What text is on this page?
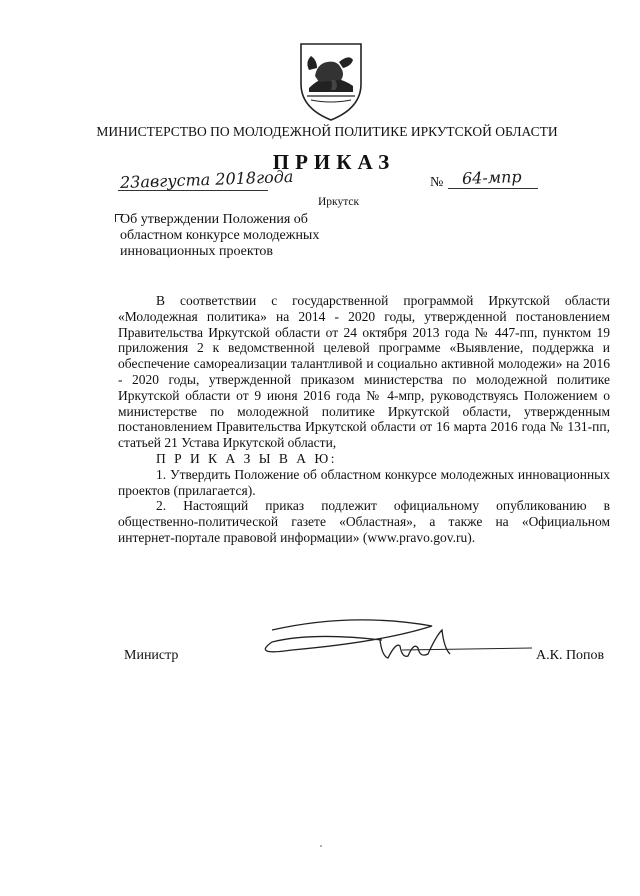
МИНИСТЕРСТВО ПО МОЛОДЕЖНОЙ ПОЛИТИКЕ ИРКУТСКОЙ ОБЛАСТИ
ПРИКАЗ
23августа 2018года	№ 64-мпр
Иркутск
Об утверждении Положения об областном конкурсе молодежных инновационных проектов

В соответствии с государственной программой Иркутской области «Молодежная политика» на 2014 - 2020 годы, утвержденной постановлением Правительства Иркутской области от 24 октября 2013 года № 447-пп, пунктом 19 приложения 2 к ведомственной целевой программе «Выявление, поддержка и обеспечение самореализации талантливой и социально активной молодежи» на 2016 - 2020 годы, утвержденной приказом министерства по молодежной политике Иркутской области от 9 июня 2016 года № 4-мпр, руководствуясь Положением о министерстве по молодежной политике Иркутской области, утвержденным постановлением Правительства Иркутской области от 16 марта 2016 года № 131-пп, статьей 21 Устава Иркутской области,

П Р И К А З Ы В А Ю:

1. Утвердить Положение об областном конкурсе молодежных инновационных проектов (прилагается).

2. Настоящий приказ подлежит официальному опубликованию в общественно-политической газете «Областная», а также на «Официальном интернет-портале правовой информации» (www.pravo.gov.ru).

Министр	А.К. Попов
